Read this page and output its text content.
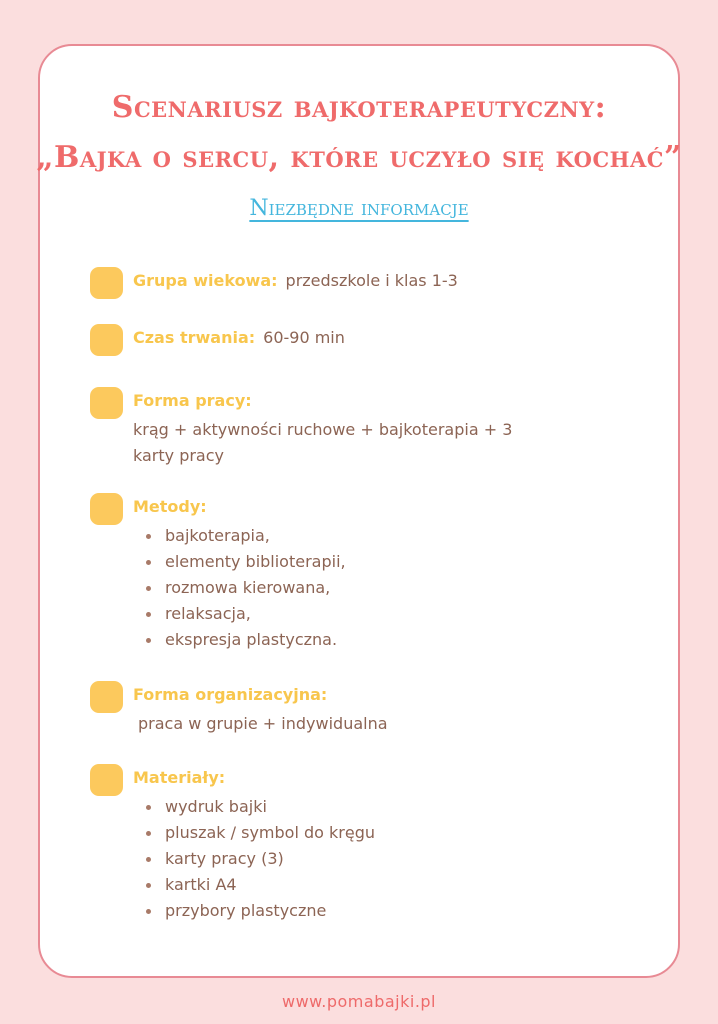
Scenariusz bajkoterapeutyczny:
„Bajka o sercu, które uczyło się kochać”
Niezbędne informacje
Grupa wiekowa: przedszkole i klas 1-3
Czas trwania: 60-90 min
Forma pracy:
krąg + aktywności ruchowe + bajkoterapia + 3
karty pracy
Metody:
bajkoterapia,
elementy biblioterapii,
rozmowa kierowana,
relaksacja,
ekspresja plastyczna.
Forma organizacyjna:
praca w grupie + indywidualna
Materiały:
wydruk bajki
pluszak / symbol do kręgu
karty pracy (3)
kartki A4
przybory plastyczne
www.pomabajki.pl
